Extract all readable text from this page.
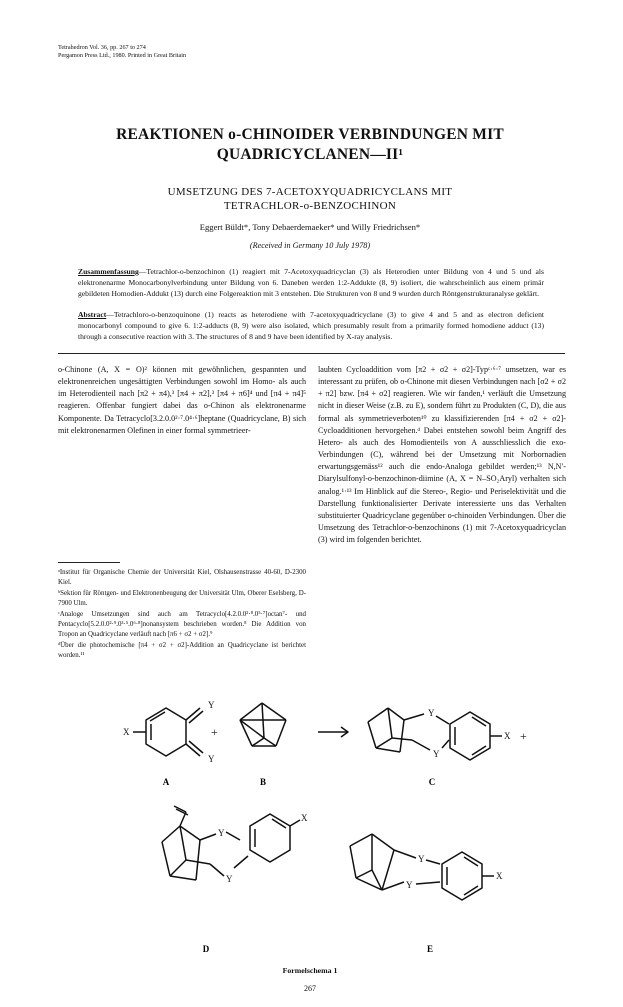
Tetrahedron Vol. 36, pp. 267 to 274
Pergamon Press Ltd., 1980. Printed in Great Britain
REAKTIONEN o-CHINOIDER VERBINDUNGEN MIT
QUADRICYCLANEN—II¹
UMSETZUNG DES 7-ACETOXYQUADRICYCLANS MIT
TETRACHLOR-o-BENZOCHINON
Eggert Büldt*, Tony Debaerdemaeker* und Willy Friedrichsen*
(Received in Germany 10 July 1978)
Zusammenfassung—Tetrachlor-o-benzochinon (1) reagiert mit 7-Acetoxyquadricyclan (3) als Heterodien unter Bildung von 4 und 5 und als elektronenarme Monocarbonylverbindung unter Bildung von 6. Daneben werden 1:2-Addukte (8, 9) isoliert, die wahrscheinlich aus einem primär gebildeten Homodien-Addukt (13) durch eine Folgereaktion mit 3 entstehen. Die Strukturen von 8 und 9 wurden durch Röntgenstrukturanalyse geklärt.
Abstract—Tetrachloro-o-benzoquinone (1) reacts as heterodiene with 7-acetoxyquadricyclane (3) to give 4 and 5 and as electron deficient monocarbonyl compound to give 6. 1:2-adducts (8, 9) were also isolated, which presumably result from a primarily formed homodiene adduct (13) through a consecutive reaction with 3. The structures of 8 and 9 have been identified by X-ray analysis.
o-Chinone (A, X = O)² können mit gewöhnlichen, gespannten und elektronenreichen ungesättigten Verbindungen sowohl im Homo- als auch im Heterodienteil nach [π2 + π4),³ [π4 + π2],³ [π4 + π6]⁴ und [π4 + π4]⁵ reagieren. Offenbar fungiert dabei das o-Chinon als elektronenarme Komponente. Da Tetracyclo[3.2.0.0²·⁷.0⁴·⁶]heptane (Quadricyclane, B) sich mit elektronenarmen Olefinen in einer formal symmetrieer-

ᵃInstitut für Organische Chemie der Universität Kiel, Olshausenstrasse 40-60, D-2300 Kiel.

ᵇSektion für Röntgen- und Elektronenbeugung der Universität Ulm, Oberer Eselsberg, D-7900 Ulm.

ᶜAnaloge Umsetzungen sind auch am Tetracyclo[4.2.0.0²·⁸.0⁵·⁷]octan⁷- und Pentacyclo[5.2.0.0²·⁹.0³·⁵.0⁶·⁸]nonansystem beschrieben worden.⁸ Die Addition von Tropon an Quadricyclane verläuft nach [π6 + σ2 + σ2].⁹

ᵈÜber die photochemische [π4 + σ2 + σ2]-Addition an Quadricyclane ist berichtet worden.¹¹

laubten Cycloaddition vom [π2 + σ2 + σ2]-Typᶜ·⁶·⁷ umsetzen, war es interessant zu prüfen, ob o-Chinone mit diesen Verbindungen nach [σ2 + σ2 + π2] bzw. [π4 + σ2] reagieren. Wie wir fanden,¹ verläuft die Umsetzung nicht in dieser Weise (z.B. zu E), sondern führt zu Produkten (C, D), die aus formal als symmetrieverboten¹⁰ zu klassifizierenden [π4 + σ2 + σ2]-Cycloadditionen hervorgehen.ᵈ Dabei entstehen sowohl beim Angriff des Hetero- als auch des Homodienteils von A ausschliesslich die exo-Verbindungen (C), während bei der Umsetzung mit Norbornadien erwartungsgemäss¹² auch die endo-Analoga gebildet werden;¹³ N,N′-Diarylsulfonyl-o-benzochinon-diimine (A, X = N–SO₂Aryl) verhalten sich analog.¹·¹³ Im Hinblick auf die Stereo-, Regio- und Periselektivität und die Darstellung funktionalisierter Derivate interessierte uns das Verhalten substituierter Quadricyclane gegenüber o-chinoiden Verbindungen. Über die Umsetzung des Tetrachlor-o-benzochinons (1) mit 7-Acetoxyquadricyclan (3) wird im folgenden berichtet.
Y
Y
X	+
Y
Y
X +
Y
Y
X
Y
Y
X
A	B	C
D	E
Formelschema 1
267
